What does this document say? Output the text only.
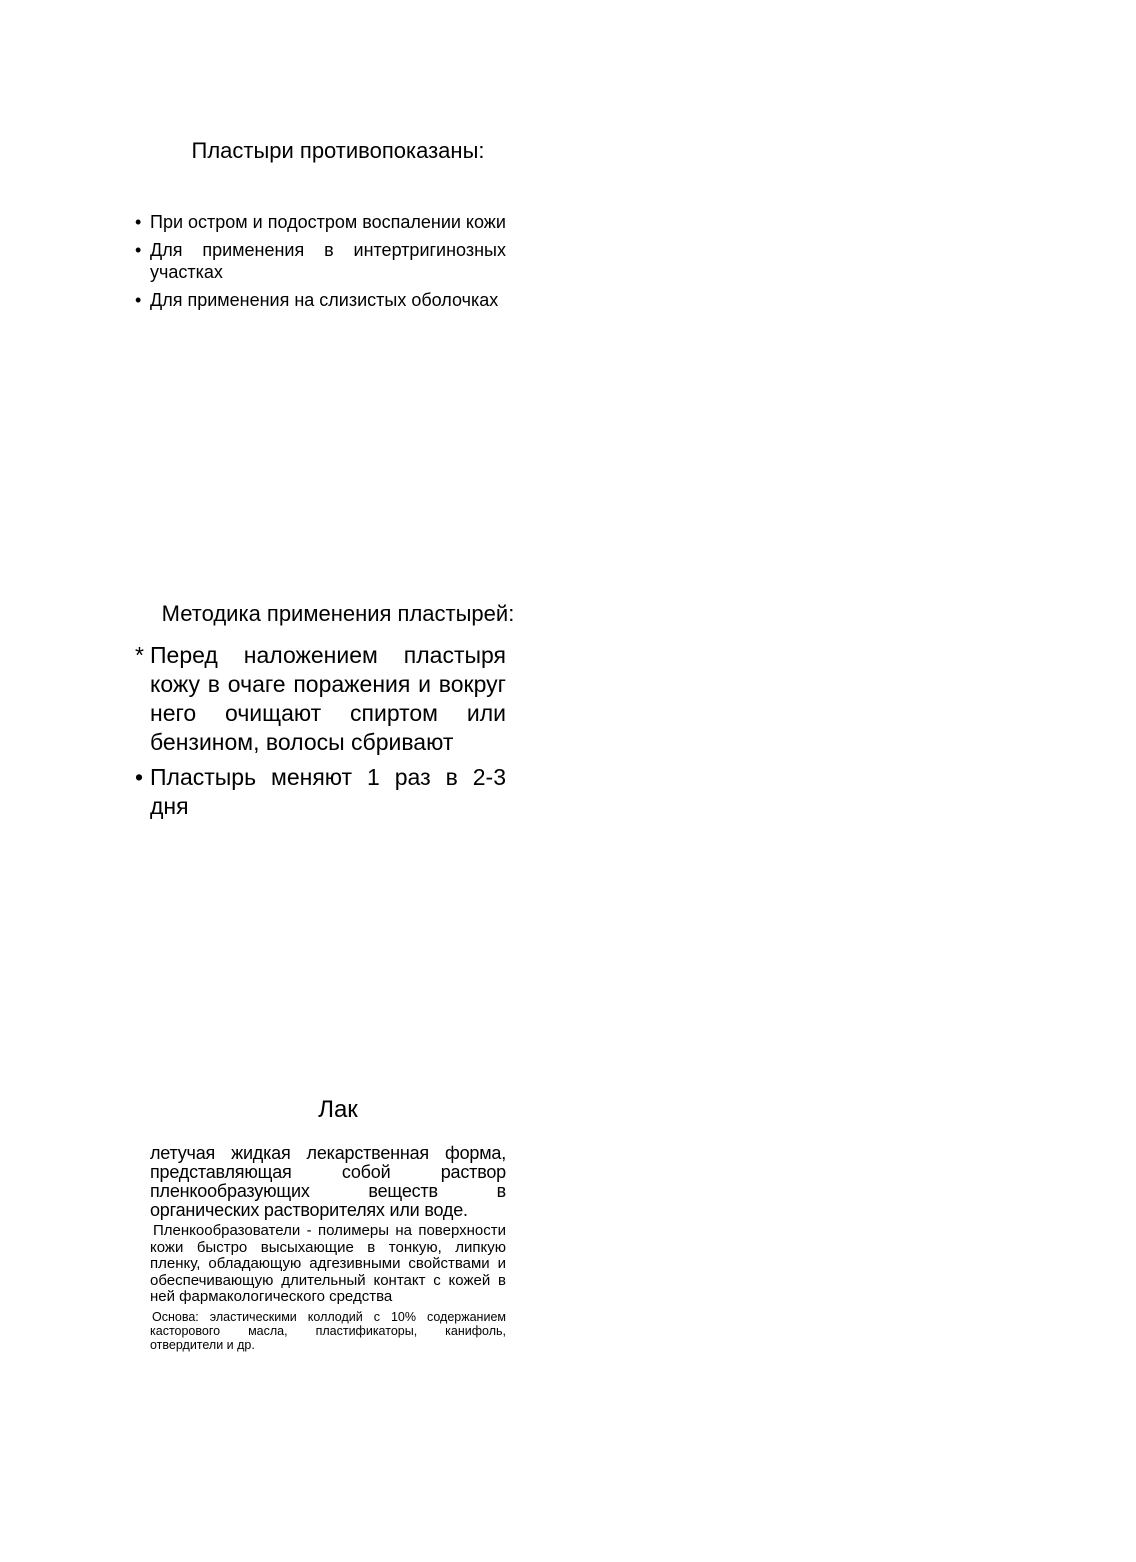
Пластыри противопоказаны:
• При остром и подостром воспалении кожи
• Для применения в интертригинозных участках
• Для применения на слизистых оболочках
Методика применения пластырей:
* Перед наложением пластыря кожу в очаге поражения и вокруг него очищают спиртом или бензином, волосы сбривают
• Пластырь меняют 1 раз в 2-3 дня
Лак

летучая жидкая лекарственная форма, представляющая собой раствор пленкообразующих веществ в органических растворителях или воде.

Пленкообразователи - полимеры на поверхности кожи быстро высыхающие в тонкую, липкую пленку, обладающую адгезивными свойствами и обеспечивающую длительный контакт с кожей в ней фармакологического средства

Основа: эластическими коллодий с 10% содержанием касторового масла, пластификаторы, канифоль, отвердители и др.
